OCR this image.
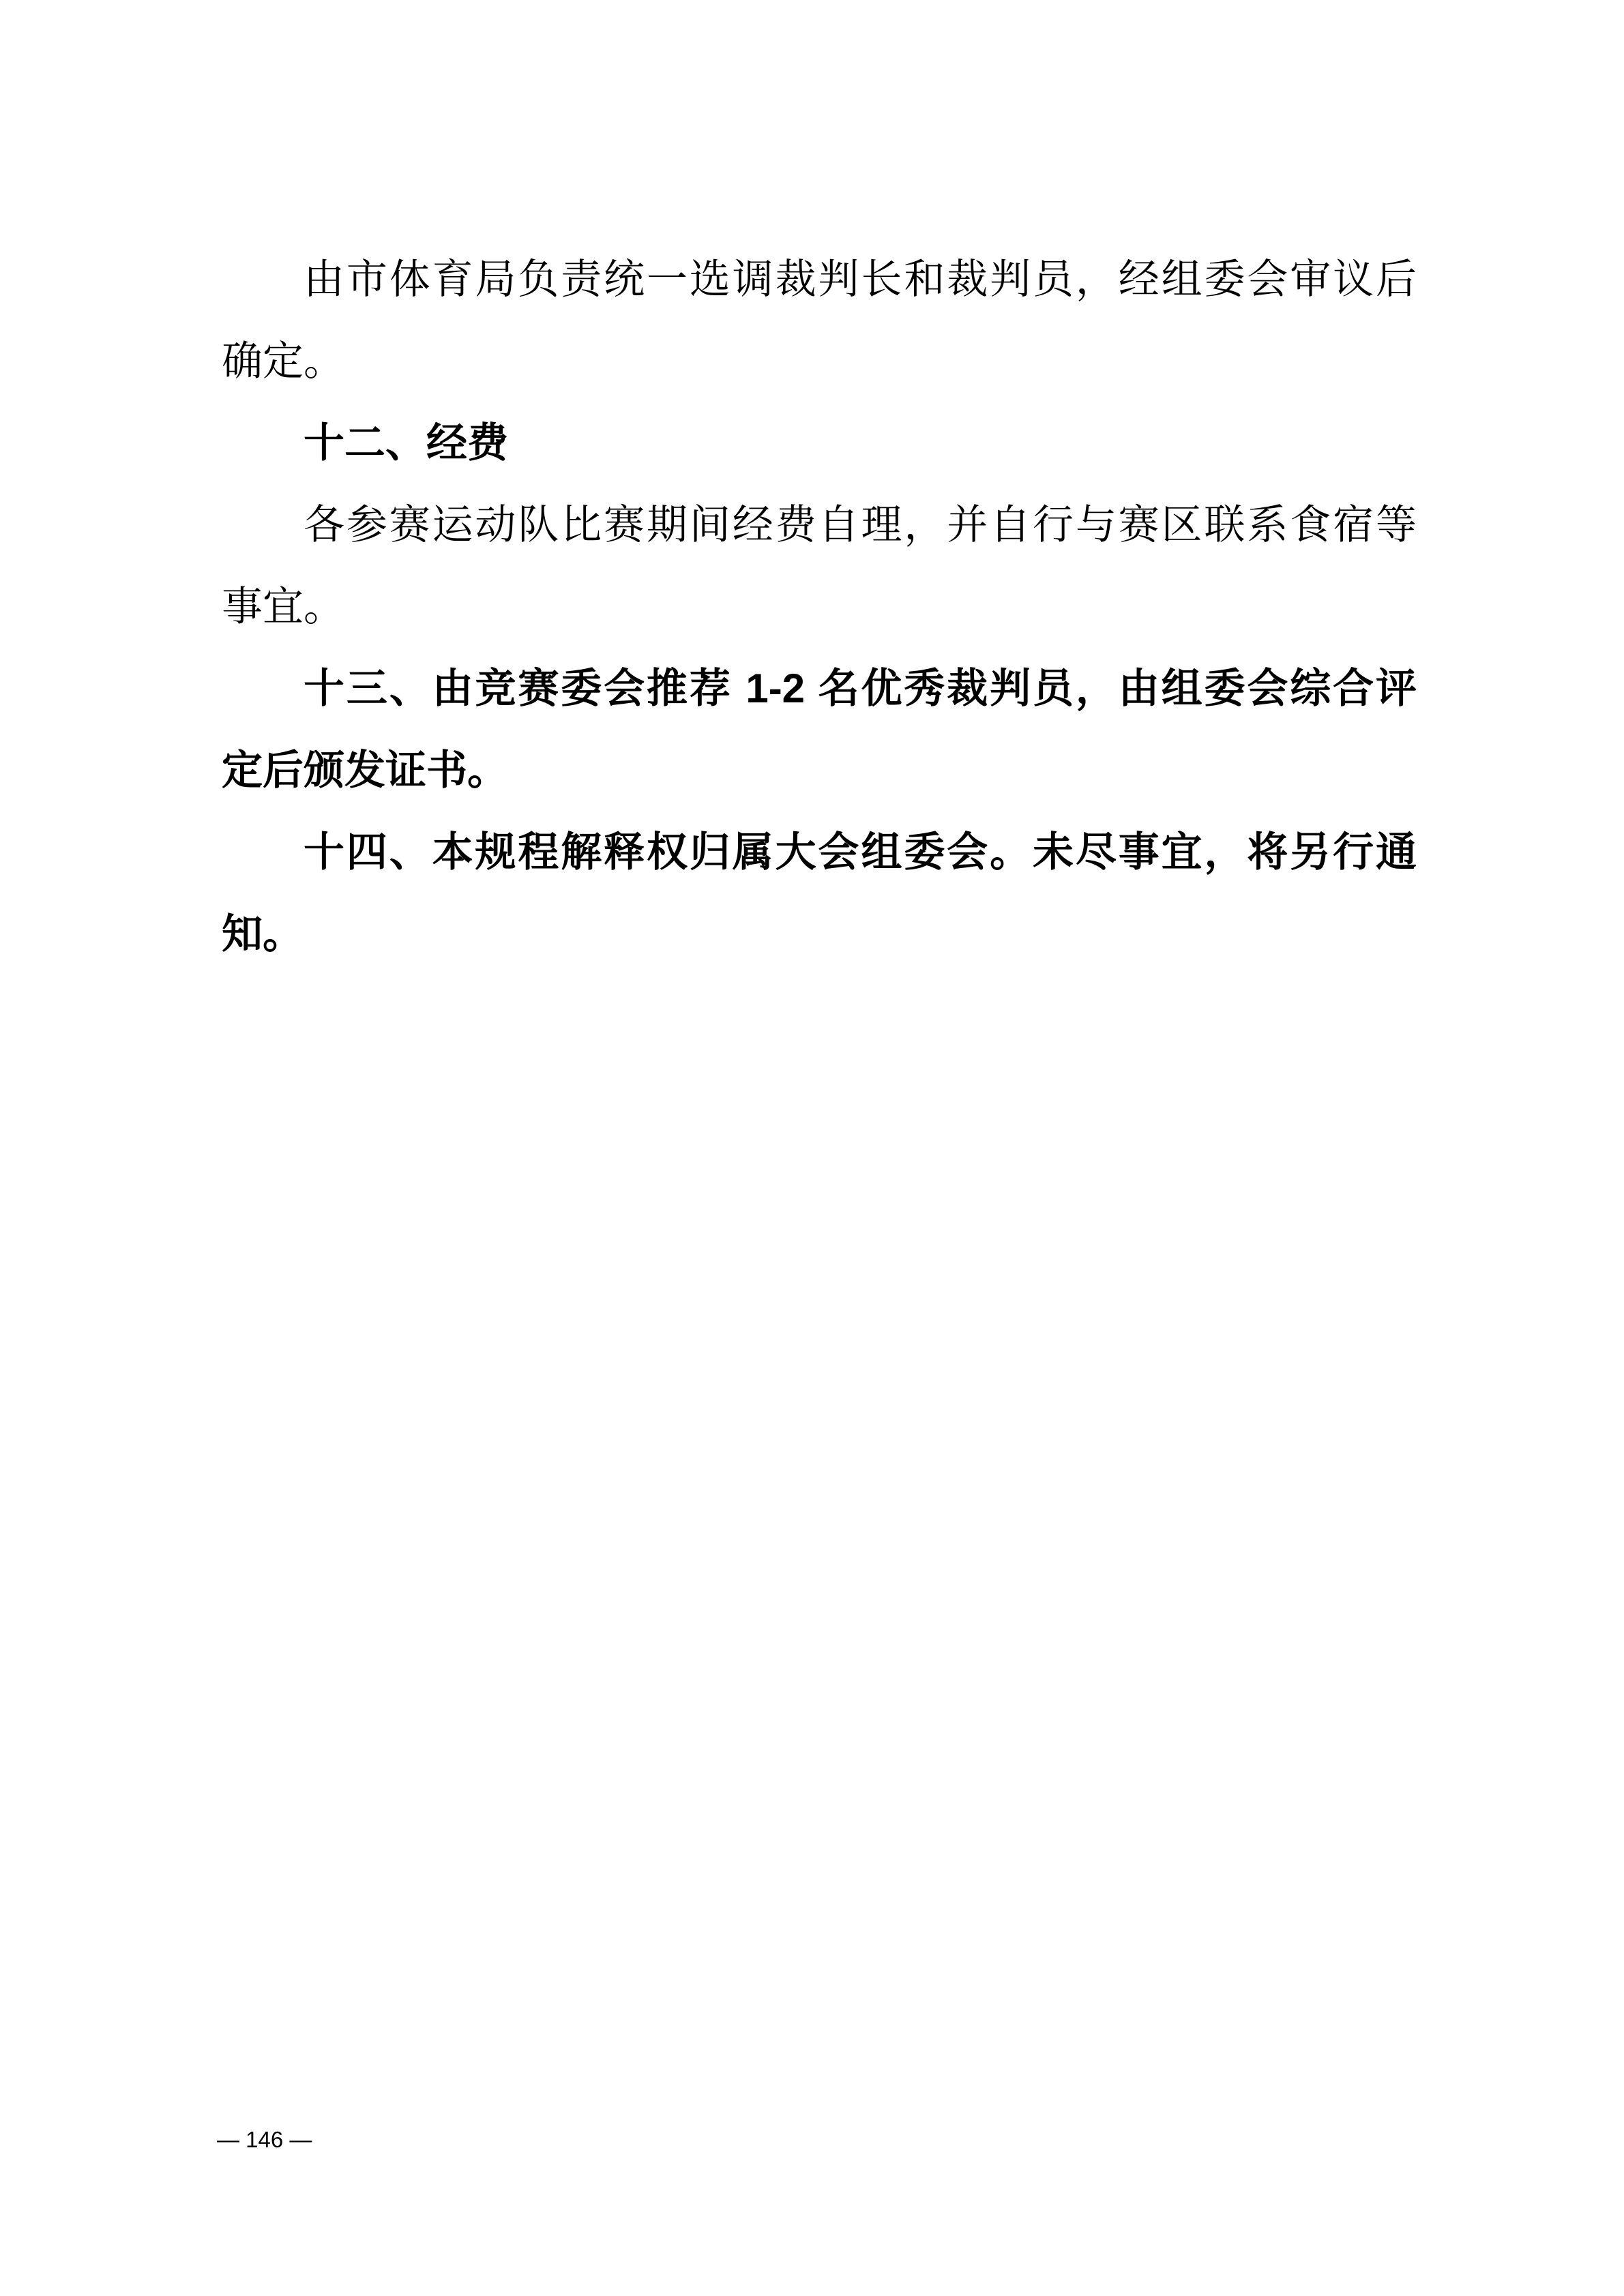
由市体育局负责统一选调裁判长和裁判员，经组委会审议后

确定。

十二、经费

各参赛运动队比赛期间经费自理，并自行与赛区联系食宿等

事宜。

十三、由竞赛委会推荐 1-2 名优秀裁判员，由组委会综合评

定后颁发证书。

十四、本规程解释权归属大会组委会。未尽事宜，将另行通

知。

— 146 —
